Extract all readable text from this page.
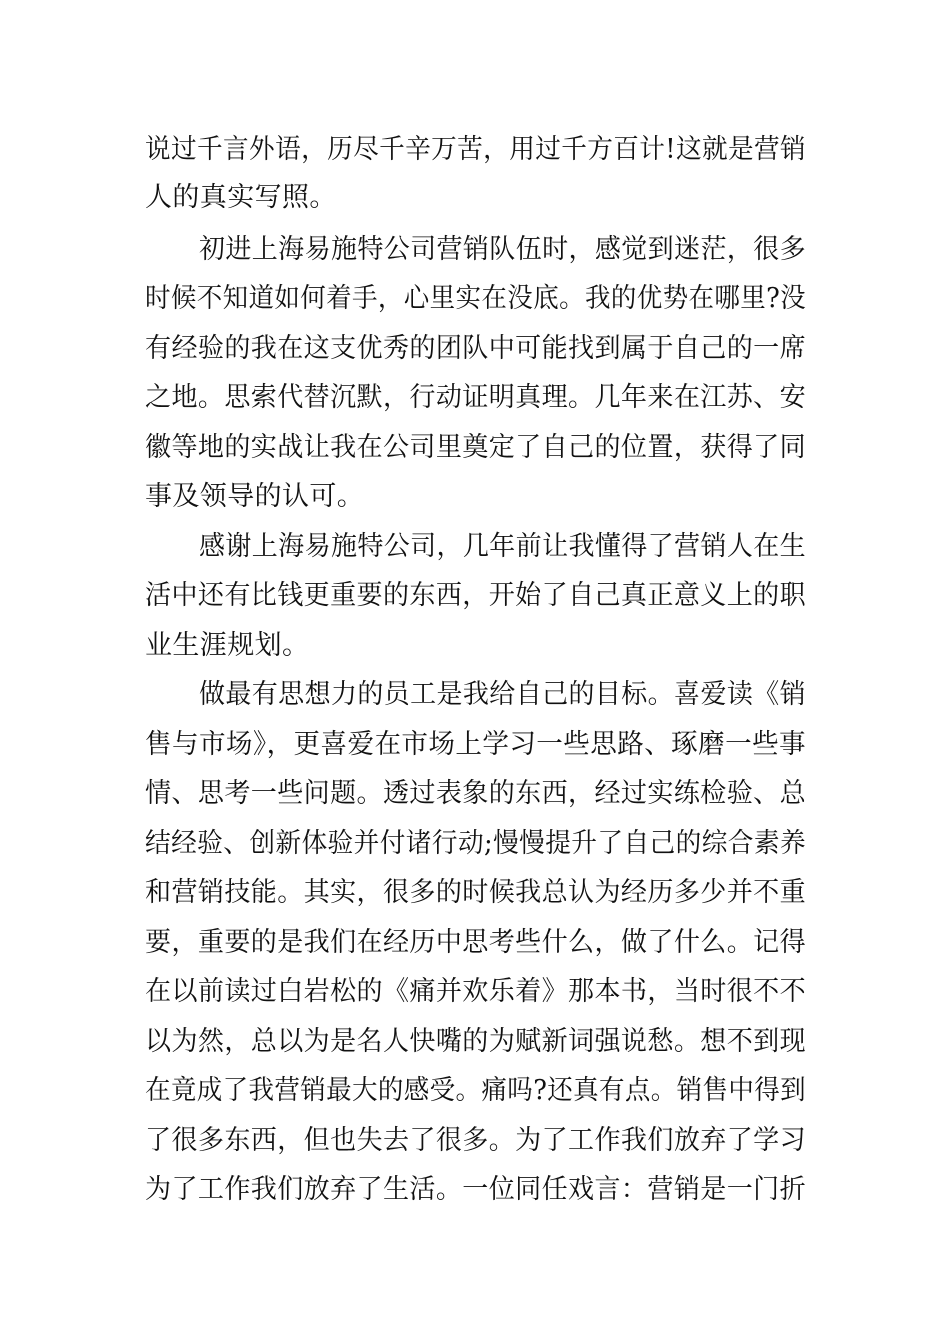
说过千言外语，历尽千辛万苦，用过千方百计!这就是营销
人的真实写照。
初进上海易施特公司营销队伍时，感觉到迷茫，很多
时候不知道如何着手，心里实在没底。我的优势在哪里?没
有经验的我在这支优秀的团队中可能找到属于自己的一席
之地。思索代替沉默，行动证明真理。几年来在江苏、安
徽等地的实战让我在公司里奠定了自己的位置，获得了同
事及领导的认可。
感谢上海易施特公司，几年前让我懂得了营销人在生
活中还有比钱更重要的东西，开始了自己真正意义上的职
业生涯规划。
做最有思想力的员工是我给自己的目标。喜爱读《销
售与市场》，更喜爱在市场上学习一些思路、琢磨一些事
情、思考一些问题。透过表象的东西，经过实练检验、总
结经验、创新体验并付诸行动;慢慢提升了自己的综合素养
和营销技能。其实，很多的时候我总认为经历多少并不重
要，重要的是我们在经历中思考些什么，做了什么。记得
在以前读过白岩松的《痛并欢乐着》那本书，当时很不不
以为然，总以为是名人快嘴的为赋新词强说愁。想不到现
在竟成了我营销最大的感受。痛吗?还真有点。销售中得到
了很多东西，但也失去了很多。为了工作我们放弃了学习
为了工作我们放弃了生活。一位同任戏言：营销是一门折
